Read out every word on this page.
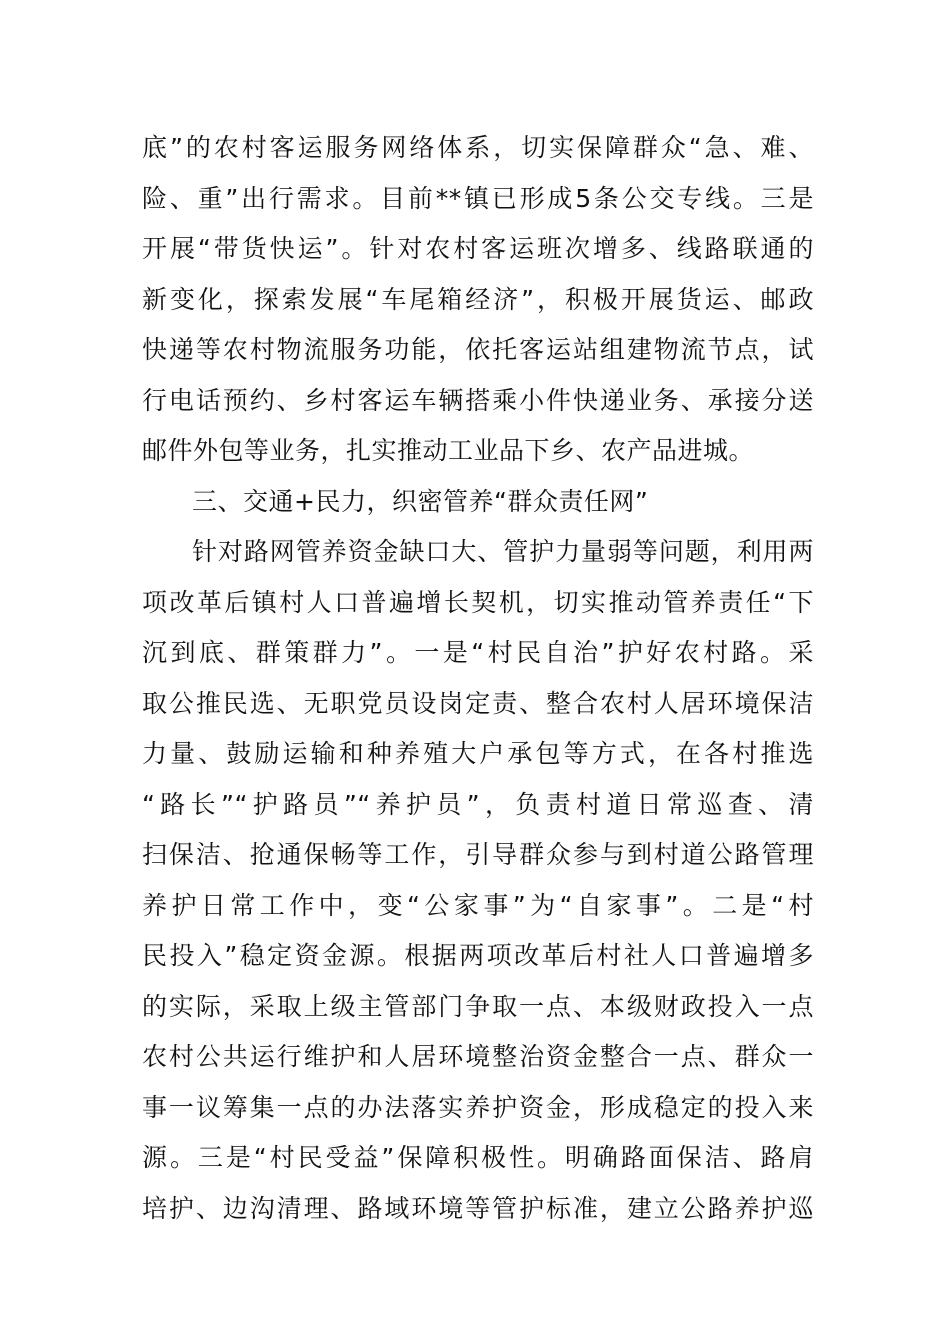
底”的农村客运服务网络体系，切实保障群众“急、难、
险、重”出行需求。目前**镇已形成5条公交专线。三是
开展“带货快运”。针对农村客运班次增多、线路联通的
新变化，探索发展“车尾箱经济”，积极开展货运、邮政
快递等农村物流服务功能，依托客运站组建物流节点，试
行电话预约、乡村客运车辆搭乘小件快递业务、承接分送
邮件外包等业务，扎实推动工业品下乡、农产品进城。
三、交通+民力，织密管养“群众责任网”
针对路网管养资金缺口大、管护力量弱等问题，利用两
项改革后镇村人口普遍增长契机，切实推动管养责任“下
沉到底、群策群力”。一是“村民自治”护好农村路。采
取公推民选、无职党员设岗定责、整合农村人居环境保洁
力量、鼓励运输和种养殖大户承包等方式，在各村推选
“路长”“护路员”“养护员”，负责村道日常巡查、清
扫保洁、抢通保畅等工作，引导群众参与到村道公路管理
养护日常工作中，变“公家事”为“自家事”。二是“村
民投入”稳定资金源。根据两项改革后村社人口普遍增多
的实际，采取上级主管部门争取一点、本级财政投入一点
农村公共运行维护和人居环境整治资金整合一点、群众一
事一议筹集一点的办法落实养护资金，形成稳定的投入来
源。三是“村民受益”保障积极性。明确路面保洁、路肩
培护、边沟清理、路域环境等管护标准，建立公路养护巡
